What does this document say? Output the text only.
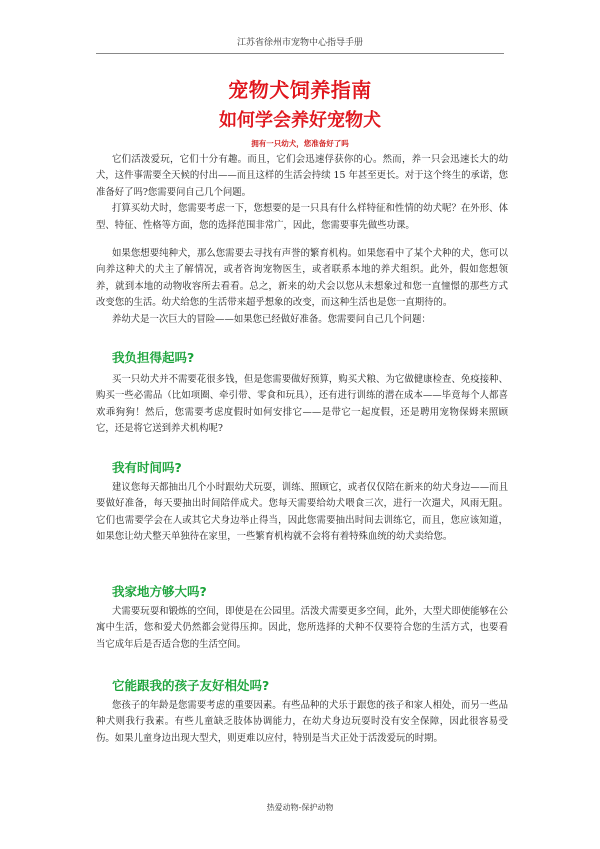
江苏省徐州市宠物中心指导手册
宠物犬饲养指南
如何学会养好宠物犬
拥有一只幼犬，您准备好了吗

它们活泼爱玩，它们十分有趣。而且，它们会迅速俘获你的心。然而，养一只会迅速长大的幼犬，这件事需要全天候的付出——而且这样的生活会持续 15 年甚至更长。对于这个终生的承诺，您准备好了吗?您需要问自己几个问题。

打算买幼犬时，您需要考虑一下，您想要的是一只具有什么样特征和性情的幼犬呢？在外形、体型、特征、性格等方面，您的选择范围非常广，因此，您需要事先做些功课。

如果您想要纯种犬，那么您需要去寻找有声誉的繁育机构。如果您看中了某个犬种的犬，您可以向养这种犬的犬主了解情况，或者咨询宠物医生，或者联系本地的养犬组织。此外，假如您想领养，就到本地的动物收容所去看看。总之，新来的幼犬会以您从未想象过和您一直憧憬的那些方式改变您的生活。幼犬给您的生活带来超乎想象的改变，而这种生活也是您一直期待的。

养幼犬是一次巨大的冒险——如果您已经做好准备。您需要问自己几个问题：

我负担得起吗?

买一只幼犬并不需要花很多钱，但是您需要做好预算，购买犬粮、为它做健康检查、免疫接种、购买一些必需品（比如项圈、牵引带、零食和玩具），还有进行训练的潜在成本——毕竟每个人都喜欢乖狗狗！然后，您需要考虑度假时如何安排它——是带它一起度假，还是聘用宠物保姆来照顾它，还是将它送到养犬机构呢?

我有时间吗?

建议您每天都抽出几个小时跟幼犬玩耍，训练、照顾它，或者仅仅陪在新来的幼犬身边——而且要做好准备，每天要抽出时间陪伴成犬。您每天需要给幼犬喂食三次，进行一次遛犬，风雨无阻。它们也需要学会在人或其它犬身边举止得当，因此您需要抽出时间去训练它，而且，您应该知道，如果您让幼犬整天单独待在家里，一些繁育机构就不会将有着特殊血统的幼犬卖给您。

我家地方够大吗?

犬需要玩耍和锻炼的空间，即使是在公园里。活泼犬需要更多空间，此外，大型犬即使能够在公寓中生活，您和爱犬仍然都会觉得压抑。因此，您所选择的犬种不仅要符合您的生活方式，也要看当它成年后是否适合您的生活空间。

它能跟我的孩子友好相处吗?

您孩子的年龄是您需要考虑的重要因素。有些品种的犬乐于跟您的孩子和家人相处，而另一些品种犬则我行我素。有些儿童缺乏肢体协调能力，在幼犬身边玩耍时没有安全保障，因此很容易受伤。如果儿童身边出现大型犬，则更难以应付，特别是当犬正处于活泼爱玩的时期。

热爱动物-保护动物
